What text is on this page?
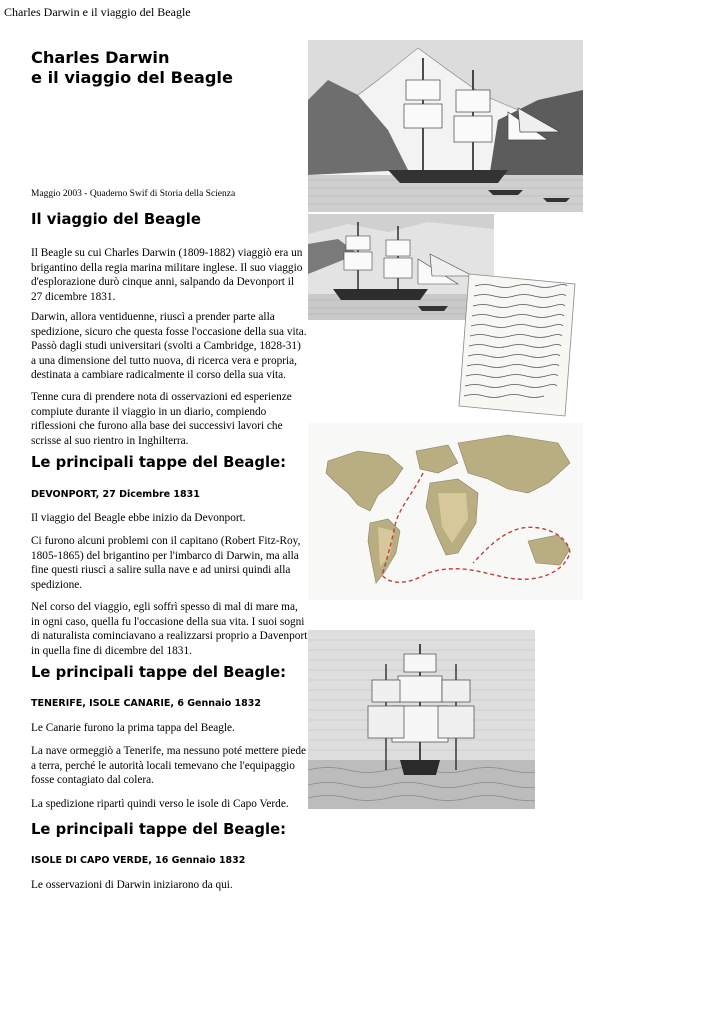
Charles Darwin e il viaggio del Beagle
Charles Darwin
e il viaggio del Beagle
Maggio 2003 - Quaderno Swif di Storia della Scienza
Il viaggio del Beagle

Il Beagle su cui Charles Darwin (1809-1882) viaggiò era un brigantino della regia marina militare inglese. Il suo viaggio d'esplorazione durò cinque anni, salpando da Devonport il 27 dicembre 1831.

Darwin, allora ventiduenne, riuscì a prender parte alla spedizione, sicuro che questa fosse l'occasione della sua vita. Passò dagli studi universitari (svolti a Cambridge, 1828-31) a una dimensione del tutto nuova, di ricerca vera e propria, destinata a cambiare radicalmente il corso della sua vita.

Tenne cura di prendere nota di osservazioni ed esperienze compiute durante il viaggio in un diario, compiendo riflessioni che furono alla base dei successivi lavori che scrisse al suo rientro in Inghilterra.

Le principali tappe del Beagle:
DEVONPORT, 27 Dicembre 1831

Il viaggio del Beagle ebbe inizio da Devonport.

Ci furono alcuni problemi con il capitano (Robert Fitz-Roy, 1805-1865) del brigantino per l'imbarco di Darwin, ma alla fine questi riuscì a salire sulla nave e ad unirsi quindi alla spedizione.

Nel corso del viaggio, egli soffrì spesso di mal di mare ma, in ogni caso, quella fu l'occasione della sua vita. I suoi sogni di naturalista cominciavano a realizzarsi proprio a Davenport in quella fine di dicembre del 1831.

Le principali tappe del Beagle:
TENERIFE, ISOLE CANARIE, 6 Gennaio 1832

Le Canarie furono la prima tappa del Beagle.

La nave ormeggiò a Tenerife, ma nessuno poté mettere piede a terra, perché le autorità locali temevano che l'equipaggio fosse contagiato dal colera.

La spedizione ripartì quindi verso le isole di Capo Verde.

Le principali tappe del Beagle:
ISOLE DI CAPO VERDE, 16 Gennaio 1832

Le osservazioni di Darwin iniziarono da qui.
